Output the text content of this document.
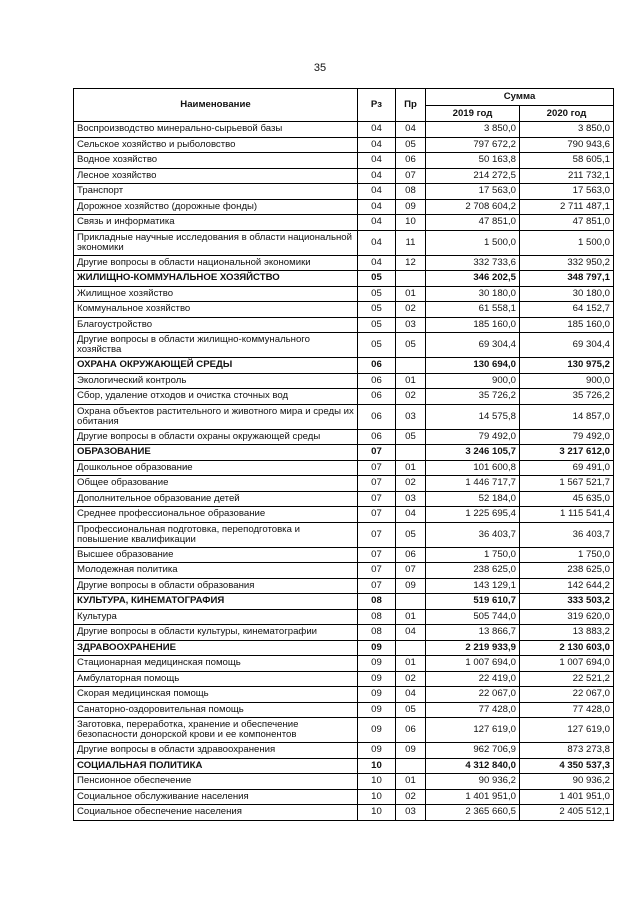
35
Наименование	Рз	Пр	Сумма	
			2019 год	2020 год
Воспроизводство минерально-сырьевой базы	04	04	3 850,0	3 850,0
Сельское хозяйство и рыболовство	04	05	797 672,2	790 943,6
Водное хозяйство	04	06	50 163,8	58 605,1
Лесное хозяйство	04	07	214 272,5	211 732,1
Транспорт	04	08	17 563,0	17 563,0
Дорожное хозяйство (дорожные фонды)	04	09	2 708 604,2	2 711 487,1
Связь и информатика	04	10	47 851,0	47 851,0
Прикладные научные исследования в области национальной экономики	04	11	1 500,0	1 500,0
Другие вопросы в области национальной экономики	04	12	332 733,6	332 950,2
ЖИЛИЩНО-КОММУНАЛЬНОЕ ХОЗЯЙСТВО	05		346 202,5	348 797,1
Жилищное хозяйство	05	01	30 180,0	30 180,0
Коммунальное хозяйство	05	02	61 558,1	64 152,7
Благоустройство	05	03	185 160,0	185 160,0
Другие вопросы в области жилищно-коммунального хозяйства	05	05	69 304,4	69 304,4
ОХРАНА ОКРУЖАЮЩЕЙ СРЕДЫ	06		130 694,0	130 975,2
Экологический контроль	06	01	900,0	900,0
Сбор, удаление отходов и очистка сточных вод	06	02	35 726,2	35 726,2
Охрана объектов растительного и животного мира и среды их обитания	06	03	14 575,8	14 857,0
Другие вопросы в области охраны окружающей среды	06	05	79 492,0	79 492,0
ОБРАЗОВАНИЕ	07		3 246 105,7	3 217 612,0
Дошкольное образование	07	01	101 600,8	69 491,0
Общее образование	07	02	1 446 717,7	1 567 521,7
Дополнительное образование детей	07	03	52 184,0	45 635,0
Среднее профессиональное образование	07	04	1 225 695,4	1 115 541,4
Профессиональная подготовка, переподготовка и повышение квалификации	07	05	36 403,7	36 403,7
Высшее образование	07	06	1 750,0	1 750,0
Молодежная политика	07	07	238 625,0	238 625,0
Другие вопросы в области образования	07	09	143 129,1	142 644,2
КУЛЬТУРА, КИНЕМАТОГРАФИЯ	08		519 610,7	333 503,2
Культура	08	01	505 744,0	319 620,0
Другие вопросы в области культуры, кинематографии	08	04	13 866,7	13 883,2
ЗДРАВООХРАНЕНИЕ	09		2 219 933,9	2 130 603,0
Стационарная медицинская помощь	09	01	1 007 694,0	1 007 694,0
Амбулаторная помощь	09	02	22 419,0	22 521,2
Скорая медицинская помощь	09	04	22 067,0	22 067,0
Санаторно-оздоровительная помощь	09	05	77 428,0	77 428,0
Заготовка, переработка, хранение и обеспечение безопасности донорской крови и ее компонентов	09	06	127 619,0	127 619,0
Другие вопросы в области здравоохранения	09	09	962 706,9	873 273,8
СОЦИАЛЬНАЯ ПОЛИТИКА	10		4 312 840,0	4 350 537,3
Пенсионное обеспечение	10	01	90 936,2	90 936,2
Социальное обслуживание населения	10	02	1 401 951,0	1 401 951,0
Социальное обеспечение населения	10	03	2 365 660,5	2 405 512,1
